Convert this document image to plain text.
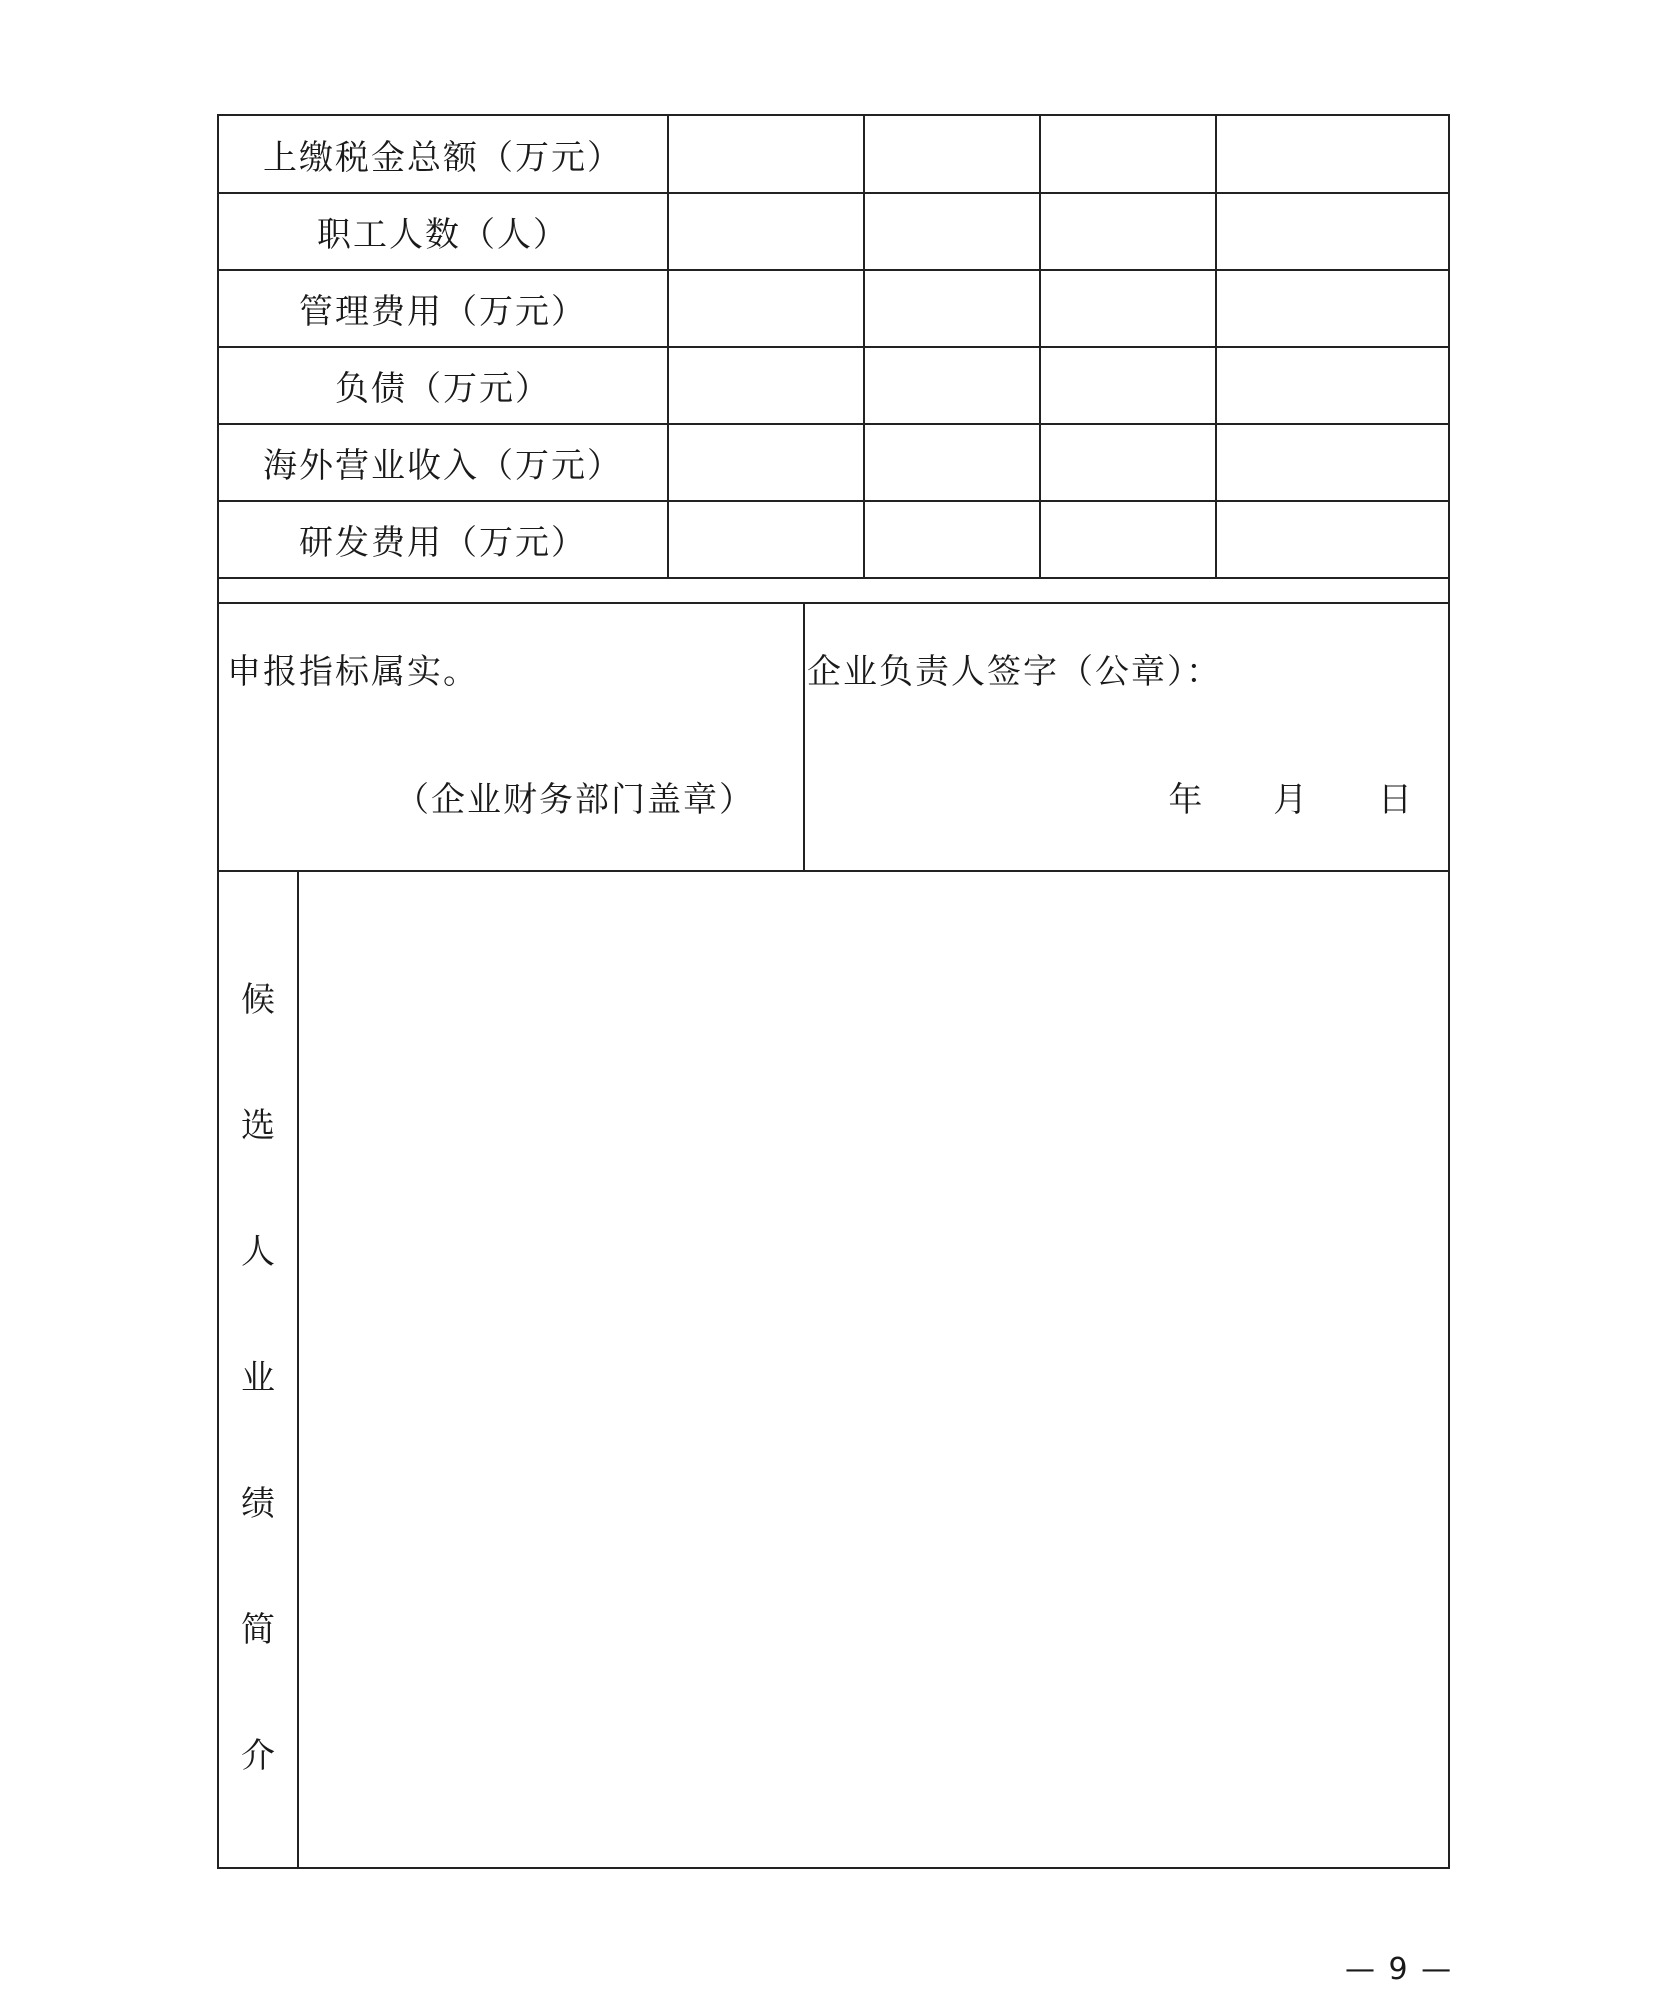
上缴税金总额（万元）				
职工人数（人）				
管理费用（万元）				
负债（万元）				
海外营业收入（万元）				
研发费用（万元）				
申报指标属实。
（企业财务部门盖章）
企业负责人签字（公章）：
年 月 日
候
选
人
业
绩
简
介
— 9 —
